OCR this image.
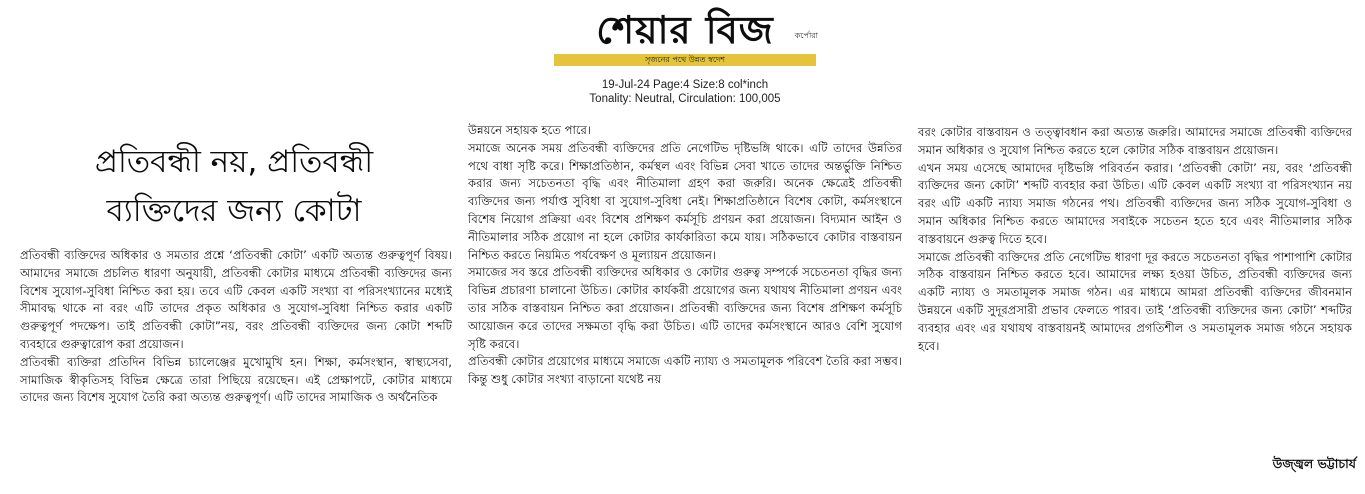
শেয়ার বিজ	কর্পোরা
সৃজনের পথে উন্নত স্বদেশ
19-Jul-24 Page:4 Size:8 col*inch
Tonality: Neutral, Circulation: 100,005
প্রতিবন্ধী নয়, প্রতিবন্ধী
ব্যক্তিদের জন্য কোটা

প্রতিবন্ধী ব্যক্তিদের অধিকার ও সমতার প্রশ্নে ‘প্রতিবন্ধী কোটা’ একটি অত্যন্ত গুরুত্বপূর্ণ বিষয়। আমাদের সমাজে প্রচলিত ধারণা অনুযায়ী, প্রতিবন্ধী কোটার মাধ্যমে প্রতিবন্ধী ব্যক্তিদের জন্য বিশেষ সুযোগ-সুবিধা নিশ্চিত করা হয়। তবে এটি কেবল একটি সংখ্যা বা পরিসংখ্যানের মধ্যেই সীমাবদ্ধ থাকে না বরং এটি তাদের প্রকৃত অধিকার ও সুযোগ-সুবিধা নিশ্চিত করার একটি গুরুত্বপূর্ণ পদক্ষেপ। তাই প্রতিবন্ধী কোটা”নয়, বরং প্রতিবন্ধী ব্যক্তিদের জন্য কোটা শব্দটি ব্যবহারে গুরুত্বারোপ করা প্রয়োজন।

প্রতিবন্ধী ব্যক্তিরা প্রতিদিন বিভিন্ন চ্যালেঞ্জের মুখোমুখি হন। শিক্ষা, কর্মসংস্থান, স্বাস্থ্যসেবা, সামাজিক স্বীকৃতিসহ বিভিন্ন ক্ষেত্রে তারা পিছিয়ে রয়েছেন। এই প্রেক্ষাপটে, কোটার মাধ্যমে তাদের জন্য বিশেষ সুযোগ তৈরি করা অত্যন্ত গুরুত্বপূর্ণ। এটি তাদের সামাজিক ও অর্থনৈতিক

উন্নয়নে সহায়ক হতে পারে।

সমাজে অনেক সময় প্রতিবন্ধী ব্যক্তিদের প্রতি নেগেটিভ দৃষ্টিভঙ্গি থাকে। এটি তাদের উন্নতির পথে বাধা সৃষ্টি করে। শিক্ষাপ্রতিষ্ঠান, কর্মস্থল এবং বিভিন্ন সেবা খাতে তাদের অন্তর্ভুক্তি নিশ্চিত করার জন্য সচেতনতা বৃদ্ধি এবং নীতিমালা গ্রহণ করা জরুরি। অনেক ক্ষেত্রেই প্রতিবন্ধী ব্যক্তিদের জন্য পর্যাপ্ত সুবিধা বা সুযোগ-সুবিধা নেই। শিক্ষাপ্রতিষ্ঠানে বিশেষ কোটা, কর্মসংস্থানে বিশেষ নিয়োগ প্রক্রিয়া এবং বিশেষ প্রশিক্ষণ কর্মসূচি প্রণয়ন করা প্রয়োজন। বিদ্যমান আইন ও নীতিমালার সঠিক প্রয়োগ না হলে কোটার কার্যকারিতা কমে যায়। সঠিকভাবে কোটার বাস্তবায়ন নিশ্চিত করতে নিয়মিত পর্যবেক্ষণ ও মূল্যায়ন প্রয়োজন।

সমাজের সব স্তরে প্রতিবন্ধী ব্যক্তিদের অধিকার ও কোটার গুরুত্ব সম্পর্কে সচেতনতা বৃদ্ধির জন্য বিভিন্ন প্রচারণা চালানো উচিত। কোটার কার্যকরী প্রয়োগের জন্য যথাযথ নীতিমালা প্রণয়ন এবং তার সঠিক বাস্তবায়ন নিশ্চিত করা প্রয়োজন। প্রতিবন্ধী ব্যক্তিদের জন্য বিশেষ প্রশিক্ষণ কর্মসূচি আয়োজন করে তাদের সক্ষমতা বৃদ্ধি করা উচিত। এটি তাদের কর্মসংস্থানে আরও বেশি সুযোগ সৃষ্টি করবে।

প্রতিবন্ধী কোটার প্রয়োগের মাধ্যমে সমাজে একটি ন্যায্য ও সমতামূলক পরিবেশ তৈরি করা সম্ভব। কিন্তু শুধু কোটার সংখ্যা বাড়ানো যথেষ্ট নয়

বরং কোটার বাস্তবায়ন ও তত্ত্বাবধান করা অত্যন্ত জরুরি। আমাদের সমাজে প্রতিবন্ধী ব্যক্তিদের সমান অধিকার ও সুযোগ নিশ্চিত করতে হলে কোটার সঠিক বাস্তবায়ন প্রয়োজন।

এখন সময় এসেছে আমাদের দৃষ্টিভঙ্গি পরিবর্তন করার। ‘প্রতিবন্ধী কোটা’ নয়, বরং ‘প্রতিবন্ধী ব্যক্তিদের জন্য কোটা’ শব্দটি ব্যবহার করা উচিত। এটি কেবল একটি সংখ্যা বা পরিসংখ্যান নয় বরং এটি একটি ন্যায্য সমাজ গঠনের পথ। প্রতিবন্ধী ব্যক্তিদের জন্য সঠিক সুযোগ-সুবিধা ও সমান অধিকার নিশ্চিত করতে আমাদের সবাইকে সচেতন হতে হবে এবং নীতিমালার সঠিক বাস্তবায়নে গুরুত্ব দিতে হবে।

সমাজে প্রতিবন্ধী ব্যক্তিদের প্রতি নেগেটিভ ধারণা দূর করতে সচেতনতা বৃদ্ধির পাশাপাশি কোটার সঠিক বাস্তবায়ন নিশ্চিত করতে হবে। আমাদের লক্ষ্য হওয়া উচিত, প্রতিবন্ধী ব্যক্তিদের জন্য একটি ন্যায্য ও সমতামূলক সমাজ গঠন। এর মাধ্যমে আমরা প্রতিবন্ধী ব্যক্তিদের জীবনমান উন্নয়নে একটি সুদূরপ্রসারী প্রভাব ফেলতে পারব। তাই ‘প্রতিবন্ধী ব্যক্তিদের জন্য কোটা’ শব্দটির ব্যবহার এবং এর যথাযথ বাস্তবায়নই আমাদের প্রগতিশীল ও সমতামূলক সমাজ গঠনে সহায়ক হবে।

উজ্জ্বল ভট্টাচার্য
